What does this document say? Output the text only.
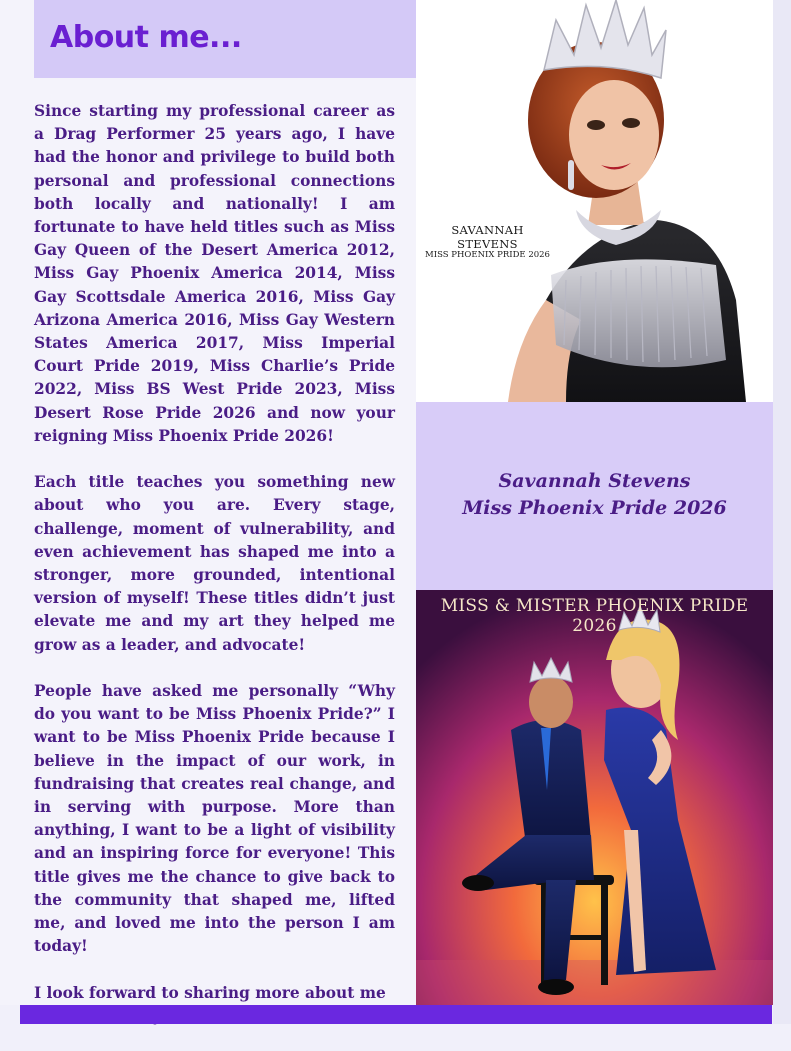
About me...

Since starting my professional career as a Drag Performer 25 years ago, I have had the honor and privilege to build both personal and professional connections both locally and nationally! I am fortunate to have held titles such as Miss Gay Queen of the Desert America 2012, Miss Gay Phoenix America 2014, Miss Gay Scottsdale America 2016, Miss Gay Arizona America 2016, Miss Gay Western States America 2017, Miss Imperial Court Pride 2019, Miss Charlie’s Pride 2022, Miss BS West Pride 2023, Miss Desert Rose Pride 2026 and now your reigning Miss Phoenix Pride 2026!

Each title teaches you something new about who you are. Every stage, challenge, moment of vulnerability, and even achievement has shaped me into a stronger, more grounded, intentional version of myself! These titles didn’t just elevate me and my art they helped me grow as a leader, and advocate!

People have asked me personally “Why do you want to be Miss Phoenix Pride?” I want to be Miss Phoenix Pride because I believe in the impact of our work, in fundraising that creates real change, and in serving with purpose. More than anything, I want to be a light of visibility and an inspiring force for everyone! This title gives me the chance to give back to the community that shaped me, lifted me, and loved me into the person I am today!

I look forward to sharing more about me

SAVANNAH STEVENS
MISS PHOENIX PRIDE 2026
Savannah Stevens
Miss Phoenix Pride 2026
MISS & MISTER PHOENIX PRIDE 2026
